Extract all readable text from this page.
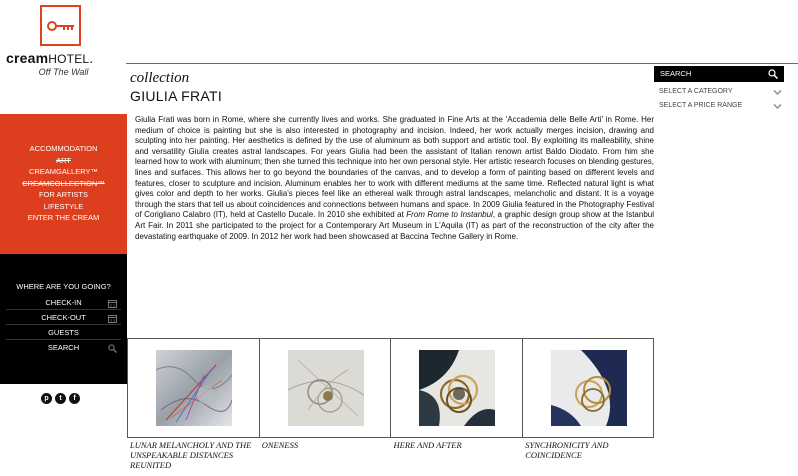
creamHOTEL.
Off The Wall
ACCOMMODATION
ART
CREAMGALLERY™
CREAMCOLLECTION™
FOR ARTISTS
LIFESTYLE
ENTER THE CREAM
WHERE ARE YOU GOING?
CHECK-IN
CHECK-OUT
GUESTS
SEARCH
p	t	f
collection
GIULIA FRATI
Giulia Frati was born in Rome, where she currently lives and works. She graduated in Fine Arts at the 'Accademia delle Belle Arti' in Rome. Her medium of choice is painting but she is also interested in photography and incision. Indeed, her work actually merges incision, drawing and sculpting into her painting. Her aesthetics is defined by the use of aluminum as both support and artistic tool. By exploiting its malleability, shine and versatility Giulia creates astral landscapes. For years Giulia had been the assistant of Italian renown artist Baldo Diodato. From him she learned how to work with aluminum; then she turned this technique into her own personal style. Her artistic research focuses on blending gestures, lines and surfaces. This allows her to go beyond the boundaries of the canvas, and to develop a form of painting based on different levels and features, closer to sculpture and incision. Aluminum enables her to work with different mediums at the same time. Reflected natural light is what gives color and depth to her works. Giulia's pieces feel like an ethereal walk through astral landscapes, melancholic and distant. It is a voyage through the stars that tell us about coincidences and connections between humans and space. In 2009 Giulia featured in the Photography Festival of Corigliano Calabro (IT), held at Castello Ducale. In 2010 she exhibited at From Rome to Instanbul, a graphic design group show at the Istanbul Art Fair. In 2011 she participated to the project for a Contemporary Art Museum in L'Aquila (IT) as part of the reconstruction of the city after the devastating earthquake of 2009. In 2012 her work had been showcased at Baccina Techne Gallery in Rome.
SEARCH
SELECT A CATEGORY
SELECT A PRICE RANGE
LUNAR MELANCHOLY AND THE UNSPEAKABLE DISTANCES REUNITED
ONENESS	HERE AND AFTER	SYNCHRONICITY AND COINCIDENCE
